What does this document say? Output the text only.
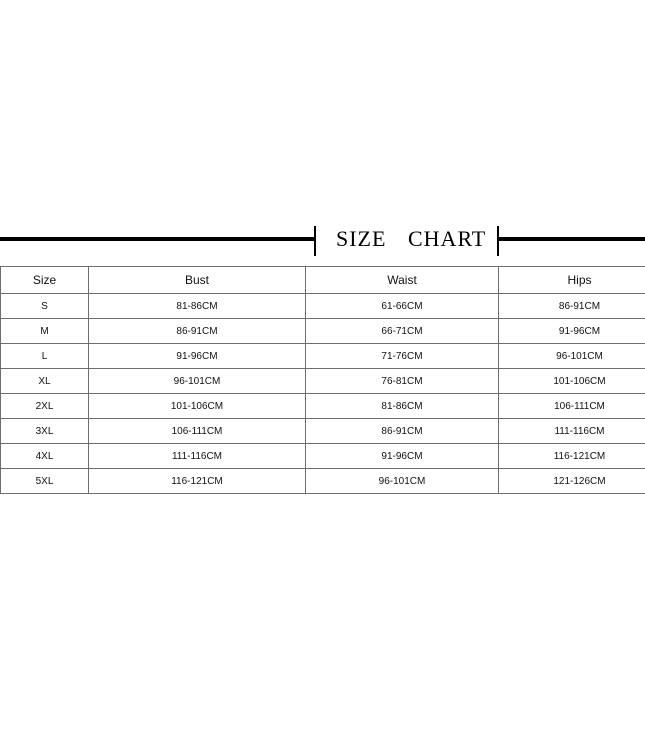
SIZE CHART
Size	Bust	Waist	Hips
S	81-86CM	61-66CM	86-91CM
M	86-91CM	66-71CM	91-96CM
L	91-96CM	71-76CM	96-101CM
XL	96-101CM	76-81CM	101-106CM
2XL	101-106CM	81-86CM	106-111CM
3XL	106-111CM	86-91CM	111-116CM
4XL	111-116CM	91-96CM	116-121CM
5XL	116-121CM	96-101CM	121-126CM
